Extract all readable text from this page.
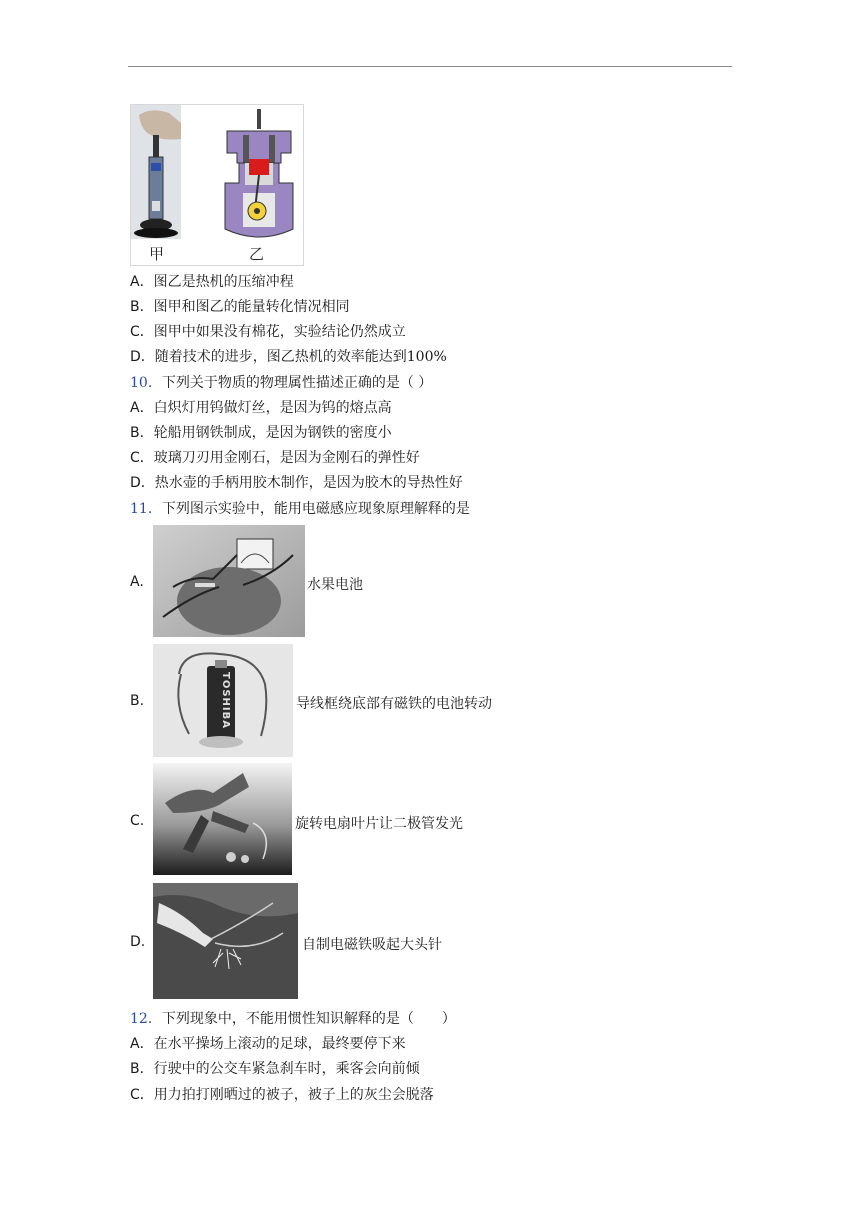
甲	乙
A．图乙是热机的压缩冲程
B．图甲和图乙的能量转化情况相同
C．图甲中如果没有棉花，实验结论仍然成立
D．随着技术的进步，图乙热机的效率能达到100%
10．下列关于物质的物理属性描述正确的是（ ）
A．白炽灯用钨做灯丝，是因为钨的熔点高
B．轮船用钢铁制成，是因为钢铁的密度小
C．玻璃刀刃用金刚石，是因为金刚石的弹性好
D．热水壶的手柄用胶木制作，是因为胶木的导热性好
11．下列图示实验中，能用电磁感应现象原理解释的是
A.	水果电池
TOSHIBA
B.	导线框绕底部有磁铁的电池转动
C.	旋转电扇叶片让二极管发光
D.	自制电磁铁吸起大头针
12．下列现象中，不能用惯性知识解释的是（　　）
A．在水平操场上滚动的足球，最终要停下来
B．行驶中的公交车紧急刹车时，乘客会向前倾
C．用力拍打刚晒过的被子，被子上的灰尘会脱落
